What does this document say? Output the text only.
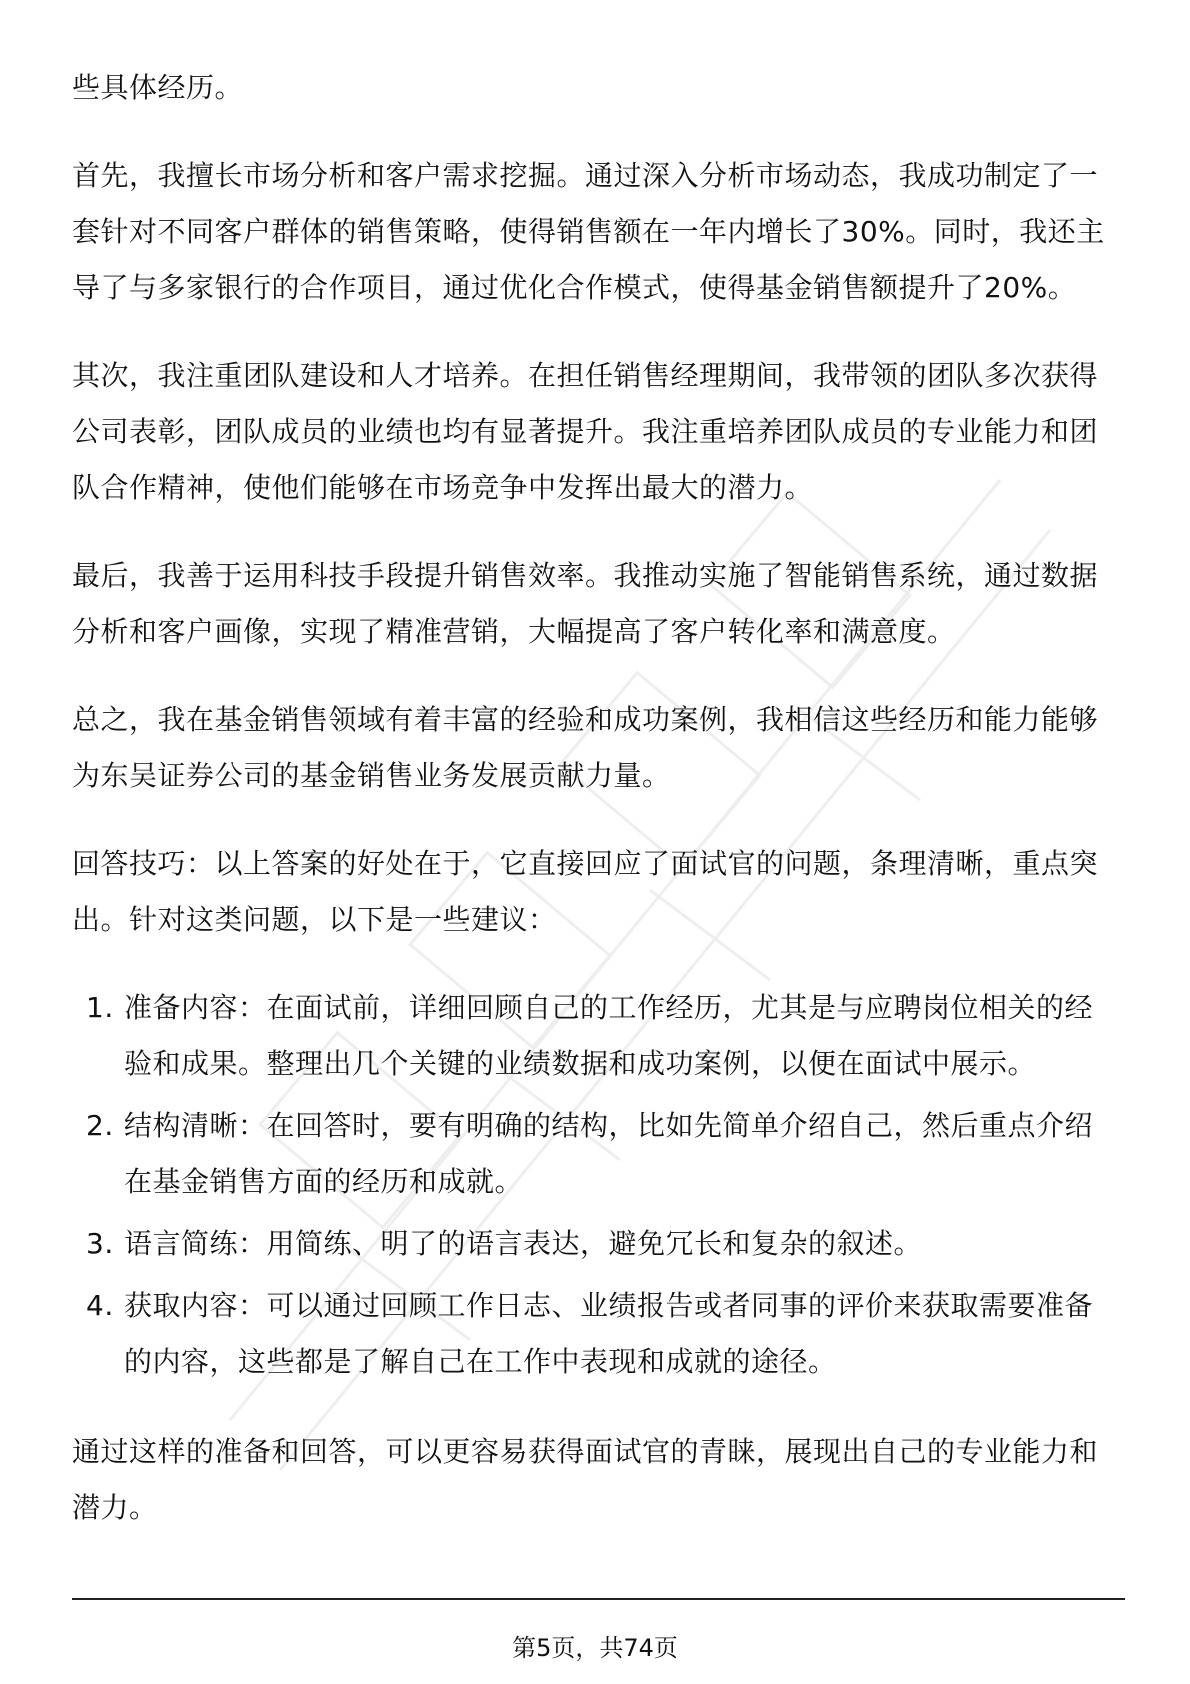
些具体经历。

首先，我擅长市场分析和客户需求挖掘。通过深入分析市场动态，我成功制定了一套针对不同客户群体的销售策略，使得销售额在一年内增长了30%。同时，我还主导了与多家银行的合作项目，通过优化合作模式，使得基金销售额提升了20%。

其次，我注重团队建设和人才培养。在担任销售经理期间，我带领的团队多次获得公司表彰，团队成员的业绩也均有显著提升。我注重培养团队成员的专业能力和团队合作精神，使他们能够在市场竞争中发挥出最大的潜力。

最后，我善于运用科技手段提升销售效率。我推动实施了智能销售系统，通过数据分析和客户画像，实现了精准营销，大幅提高了客户转化率和满意度。

总之，我在基金销售领域有着丰富的经验和成功案例，我相信这些经历和能力能够为东吴证券公司的基金销售业务发展贡献力量。

回答技巧：以上答案的好处在于，它直接回应了面试官的问题，条理清晰，重点突出。针对这类问题，以下是一些建议：

1. 准备内容：在面试前，详细回顾自己的工作经历，尤其是与应聘岗位相关的经验和成果。整理出几个关键的业绩数据和成功案例，以便在面试中展示。
2. 结构清晰：在回答时，要有明确的结构，比如先简单介绍自己，然后重点介绍在基金销售方面的经历和成就。
3. 语言简练：用简练、明了的语言表达，避免冗长和复杂的叙述。
4. 获取内容：可以通过回顾工作日志、业绩报告或者同事的评价来获取需要准备的内容，这些都是了解自己在工作中表现和成就的途径。

通过这样的准备和回答，可以更容易获得面试官的青睐，展现出自己的专业能力和潜力。

第5页，共74页
